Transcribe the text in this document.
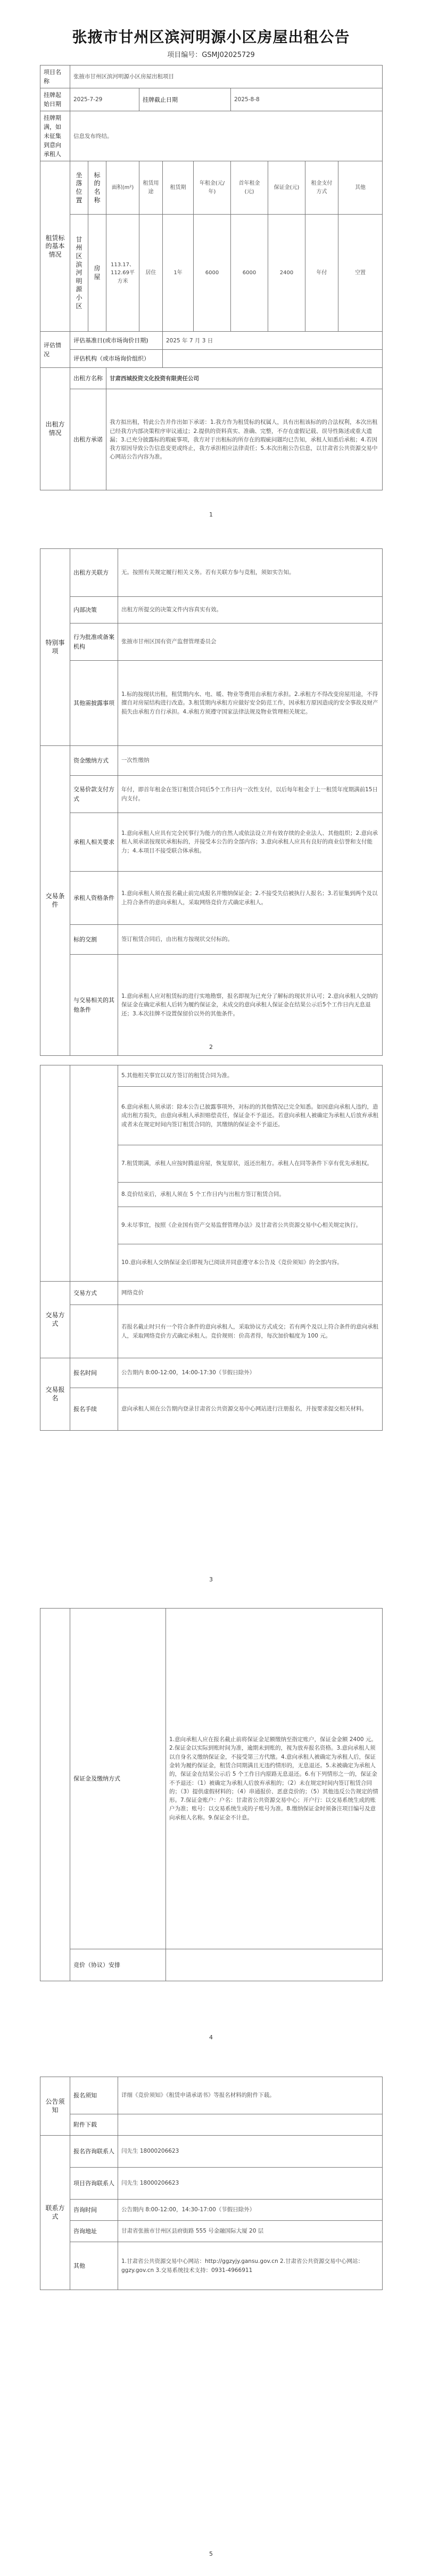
张掖市甘州区滨河明源小区房屋出租公告
项目编号：GSMJ02025729
项目名称	张掖市甘州区滨河明源小区房屋出租项目									
挂牌起始日期	2025-7-29			挂牌截止日期			2025-8-8			
挂牌期满，如未征集到意向承租人	信息发布终结。									
租赁标的基本情况	坐落位置	标的名称	面积(m²)	租赁用途	租赁期	年租金(元/年)	首年租金(元)	保证金(元)	租金支付方式	其他
	甘州区滨河明源小区	房屋	113.17、112.69平方米	居住	1年	6000	6000	2400	年付	空置
评估情况	评估基准日(或市场询价日期)				2025 年 7 月 3 日					
	评估机构（或市场询价组织）									
出租方情况	出租方名称		甘肃西城投资文化投资有限责任公司							
	出租方承诺		我方拟出租，特此公告并作出如下承诺：1.我方作为租赁标的权属人，具有出租该标的的合法权利，本次出租已经我方内部决策程序审议通过；2.提供的资料真实、准确、完整，不存在虚假记载、误导性陈述或重大遗漏；3.已充分披露标的瑕疵事项，我方对于出租标的所存在的瑕疵问题均已告知，承租人知悉后承租；4.若因我方原因导致公告信息变更或终止，我方承担相应法律责任；5.本次出租公告信息，以甘肃省公共资源交易中心网站公告内容为准。							
1
特别事项	出租方关联方	无。按照有关规定履行相关义务。若有关联方参与竞租，须如实告知。
	内部决策	出租方所提交的决策文件内容真实有效。
	行为批准或备案机构	张掖市甘州区国有资产监督管理委员会
	其他需披露事项	1.标的按现状出租，租赁期内水、电、暖、物业等费用由承租方承担。2.承租方不得改变房屋用途，不得擅自对房屋结构进行改造。3.租赁期内承租方应做好安全防范工作，因承租方原因造成的安全事故及财产损失由承租方自行承担。4.承租方须遵守国家法律法规及物业管理相关规定。
交易条件	资金缴纳方式	一次性缴纳
	交易价款支付方式	年付，即首年租金在签订租赁合同后5个工作日内一次性支付，以后每年租金于上一租赁年度期满前15日内支付。
	承租人相关要求	1.意向承租人应具有完全民事行为能力的自然人或依法设立并有效存续的企业法人、其他组织；2.意向承租人须承诺按现状承租标的，并接受本公告的全部内容；3.意向承租人应具有良好的商业信誉和支付能力；4.本项目不接受联合体承租。
	承租人资格条件	1.意向承租人须在报名截止前完成报名并缴纳保证金；2.不接受失信被执行人报名；3.若征集到两个及以上符合条件的意向承租人，采取网络竞价方式确定承租人。
	标的交割	签订租赁合同后，由出租方按现状交付标的。
	与交易相关的其他条件	1.意向承租人应对租赁标的进行实地勘察，报名即视为已充分了解标的现状并认可；2.意向承租人交纳的保证金在确定承租人后转为履约保证金，未成交的意向承租人保证金在结果公示后5个工作日内无息退还；3.本次挂牌不设置保留价以外的其他条件。
2
		5.其他相关事宜以双方签订的租赁合同为准。
		6.意向承租人须承诺：除本公告已披露事项外，对标的的其他情况已完全知悉。如因意向承租人违约，造成出租方损失，由意向承租人承担赔偿责任，保证金不予退还。若意向承租人被确定为承租人后放弃承租或者未在规定时间内签订租赁合同的，其缴纳的保证金不予退还。
		7.租赁期满，承租人应按时腾退房屋，恢复原状，返还出租方。承租人在同等条件下享有优先承租权。
		8.竞价结束后，承租人须在 5 个工作日内与出租方签订租赁合同。
		9.未尽事宜，按照《企业国有资产交易监督管理办法》及甘肃省公共资源交易中心相关规定执行。
		10.意向承租人交纳保证金后即视为已阅读并同意遵守本公告及《竞价须知》的全部内容。
交易方式	交易方式	网络竞价
		若报名截止时只有一个符合条件的意向承租人，采取协议方式成交；若有两个及以上符合条件的意向承租人，采取网络竞价方式确定承租人。竞价规则：价高者得，每次加价幅度为 100 元。
交易报名	报名时间	公告期内 8:00-12:00，14:00-17:30（节假日除外）
	报名手续	意向承租人须在公告期内登录甘肃省公共资源交易中心网站进行注册报名，并按要求提交相关材料。
3
	保证金及缴纳方式	1.意向承租人应在报名截止前将保证金足额缴纳至指定账户，保证金金额 2400 元。2.保证金以实际到账时间为准，逾期未到账的，视为放弃报名资格。3.意向承租人须以自身名义缴纳保证金，不接受第三方代缴。4.意向承租人被确定为承租人后，保证金转为履约保证金，租赁合同期满且无违约情形的，无息退还。5.未被确定为承租人的，保证金在结果公示后 5 个工作日内原路无息退还。6.有下列情形之一的，保证金不予退还：（1）被确定为承租人后放弃承租的；（2）未在规定时间内签订租赁合同的；（3）提供虚假材料的；（4）串通报价、恶意竞价的；（5）其他违反公告规定的情形。7.保证金账户：户名：甘肃省公共资源交易中心；开户行：以交易系统生成的账户为准；账号：以交易系统生成的子账号为准。8.缴纳保证金时须备注项目编号及意向承租人名称。9.保证金不计息。
	竞价（协议）安排	
4
公告须知	报名须知	详细《竞价须知》《租赁申请承诺书》等报名材料的附件下载。
	附件下载	
联系方式	报名咨询联系人	闫先生 18000206623
	项目咨询联系人	闫先生 18000206623
	咨询时间	公告期内 8:00-12:00，14:30-17:00（节假日除外）
	咨询地址	甘肃省张掖市甘州区县府街路 555 号金融国际大厦 20 层
	其他	1.甘肃省公共资源交易中心网站：http://ggzyjy.gansu.gov.cn 2.甘肃省公共资源交易中心网站：ggzy.gov.cn 3.交易系统技术支持：0931-4966911
5
